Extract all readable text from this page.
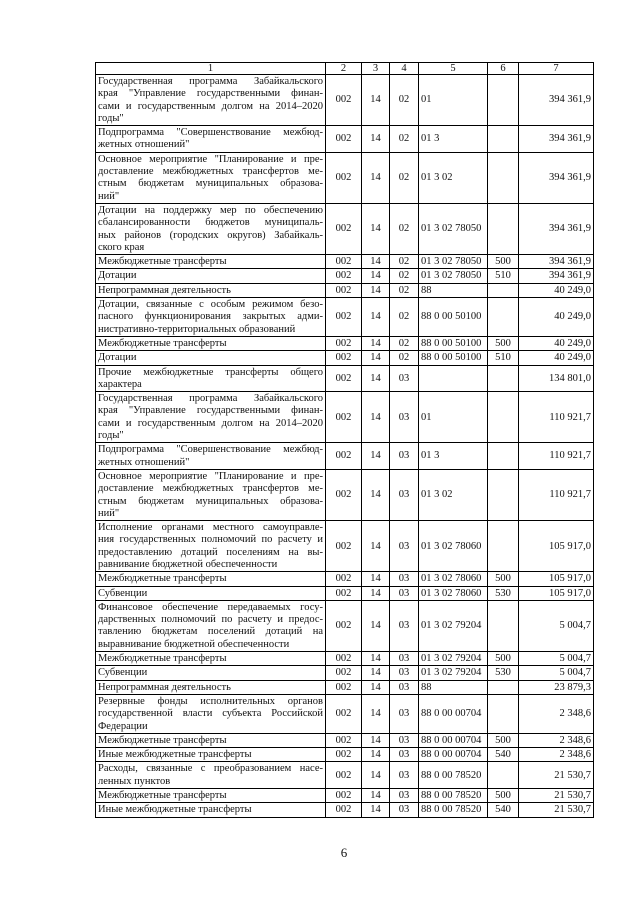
1	2	3	4	5	6	7

Государственная программа Забайкальского
края "Управление государственными финан-
сами и государственным долгом на 2014–2020
годы"	002	14	02	01		394 361,9

Подпрограмма "Совершенствование межбюд-
жетных отношений"	002	14	02	01 3		394 361,9

Основное мероприятие "Планирование и пре-
доставление межбюджетных трансфертов ме-
стным бюджетам муниципальных образова-
ний"	002	14	02	01 3 02		394 361,9

Дотации на поддержку мер по обеспечению
сбалансированности бюджетов муниципаль-
ных районов (городских округов) Забайкаль-
ского края	002	14	02	01 3 02 78050		394 361,9

Межбюджетные трансферты	002	14	02	01 3 02 78050	500	394 361,9

Дотации	002	14	02	01 3 02 78050	510	394 361,9

Непрограммная деятельность	002	14	02	88		40 249,0

Дотации, связанные с особым режимом безо-
пасного функционирования закрытых адми-
нистративно-территориальных образований	002	14	02	88 0 00 50100		40 249,0

Межбюджетные трансферты	002	14	02	88 0 00 50100	500	40 249,0

Дотации	002	14	02	88 0 00 50100	510	40 249,0

Прочие межбюджетные трансферты общего
характера	002	14	03			134 801,0

Государственная программа Забайкальского
края "Управление государственными финан-
сами и государственным долгом на 2014–2020
годы"	002	14	03	01		110 921,7

Подпрограмма "Совершенствование межбюд-
жетных отношений"	002	14	03	01 3		110 921,7

Основное мероприятие "Планирование и пре-
доставление межбюджетных трансфертов ме-
стным бюджетам муниципальных образова-
ний"	002	14	03	01 3 02		110 921,7

Исполнение органами местного самоуправле-
ния государственных полномочий по расчету и
предоставлению дотаций поселениям на вы-
равнивание бюджетной обеспеченности	002	14	03	01 3 02 78060		105 917,0

Межбюджетные трансферты	002	14	03	01 3 02 78060	500	105 917,0

Субвенции	002	14	03	01 3 02 78060	530	105 917,0

Финансовое обеспечение передаваемых госу-
дарственных полномочий по расчету и предос-
тавлению бюджетам поселений дотаций на
выравнивание бюджетной обеспеченности	002	14	03	01 3 02 79204		5 004,7

Межбюджетные трансферты	002	14	03	01 3 02 79204	500	5 004,7

Субвенции	002	14	03	01 3 02 79204	530	5 004,7

Непрограммная деятельность	002	14	03	88		23 879,3

Резервные фонды исполнительных органов
государственной власти субъекта Российской
Федерации	002	14	03	88 0 00 00704		2 348,6

Межбюджетные трансферты	002	14	03	88 0 00 00704	500	2 348,6

Иные межбюджетные трансферты	002	14	03	88 0 00 00704	540	2 348,6

Расходы, связанные с преобразованием насе-
ленных пунктов	002	14	03	88 0 00 78520		21 530,7

Межбюджетные трансферты	002	14	03	88 0 00 78520	500	21 530,7

Иные межбюджетные трансферты	002	14	03	88 0 00 78520	540	21 530,7
6
